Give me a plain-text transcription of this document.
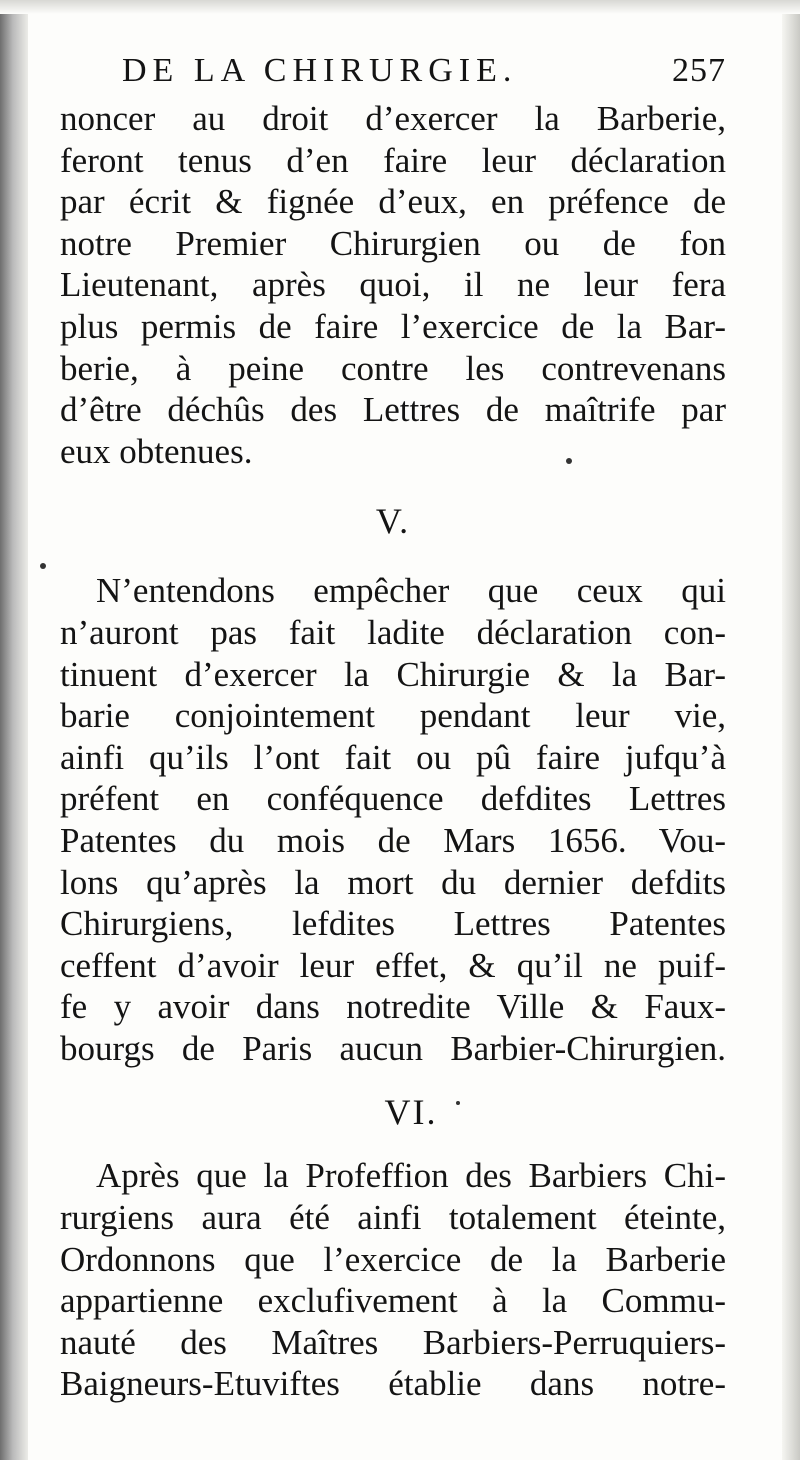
DE LA CHIRURGIE.	257
noncer au droit d’exercer la Barberie,
feront tenus d’en faire leur déclaration
par écrit & fignée d’eux, en préfence de
notre Premier Chirurgien ou de fon
Lieutenant, après quoi, il ne leur fera
plus permis de faire l’exercice de la Bar-
berie, à peine contre les contrevenans
d’être déchûs des Lettres de maîtrife par
eux obtenues.
V.
N’entendons empêcher que ceux qui
n’auront pas fait ladite déclaration con-
tinuent d’exercer la Chirurgie & la Bar-
barie conjointement pendant leur vie,
ainfi qu’ils l’ont fait ou pû faire jufqu’à
préfent en conféquence defdites Lettres
Patentes du mois de Mars 1656. Vou-
lons qu’après la mort du dernier defdits
Chirurgiens, lefdites Lettres Patentes
ceffent d’avoir leur effet, & qu’il ne puif-
fe y avoir dans notredite Ville & Faux-
bourgs de Paris aucun Barbier-Chirurgien.
VI.
Après que la Profeffion des Barbiers Chi-
rurgiens aura été ainfi totalement éteinte,
Ordonnons que l’exercice de la Barberie
appartienne exclufivement à la Commu-
nauté des Maîtres Barbiers-Perruquiers-
Baigneurs-Etuviftes établie dans notre-
